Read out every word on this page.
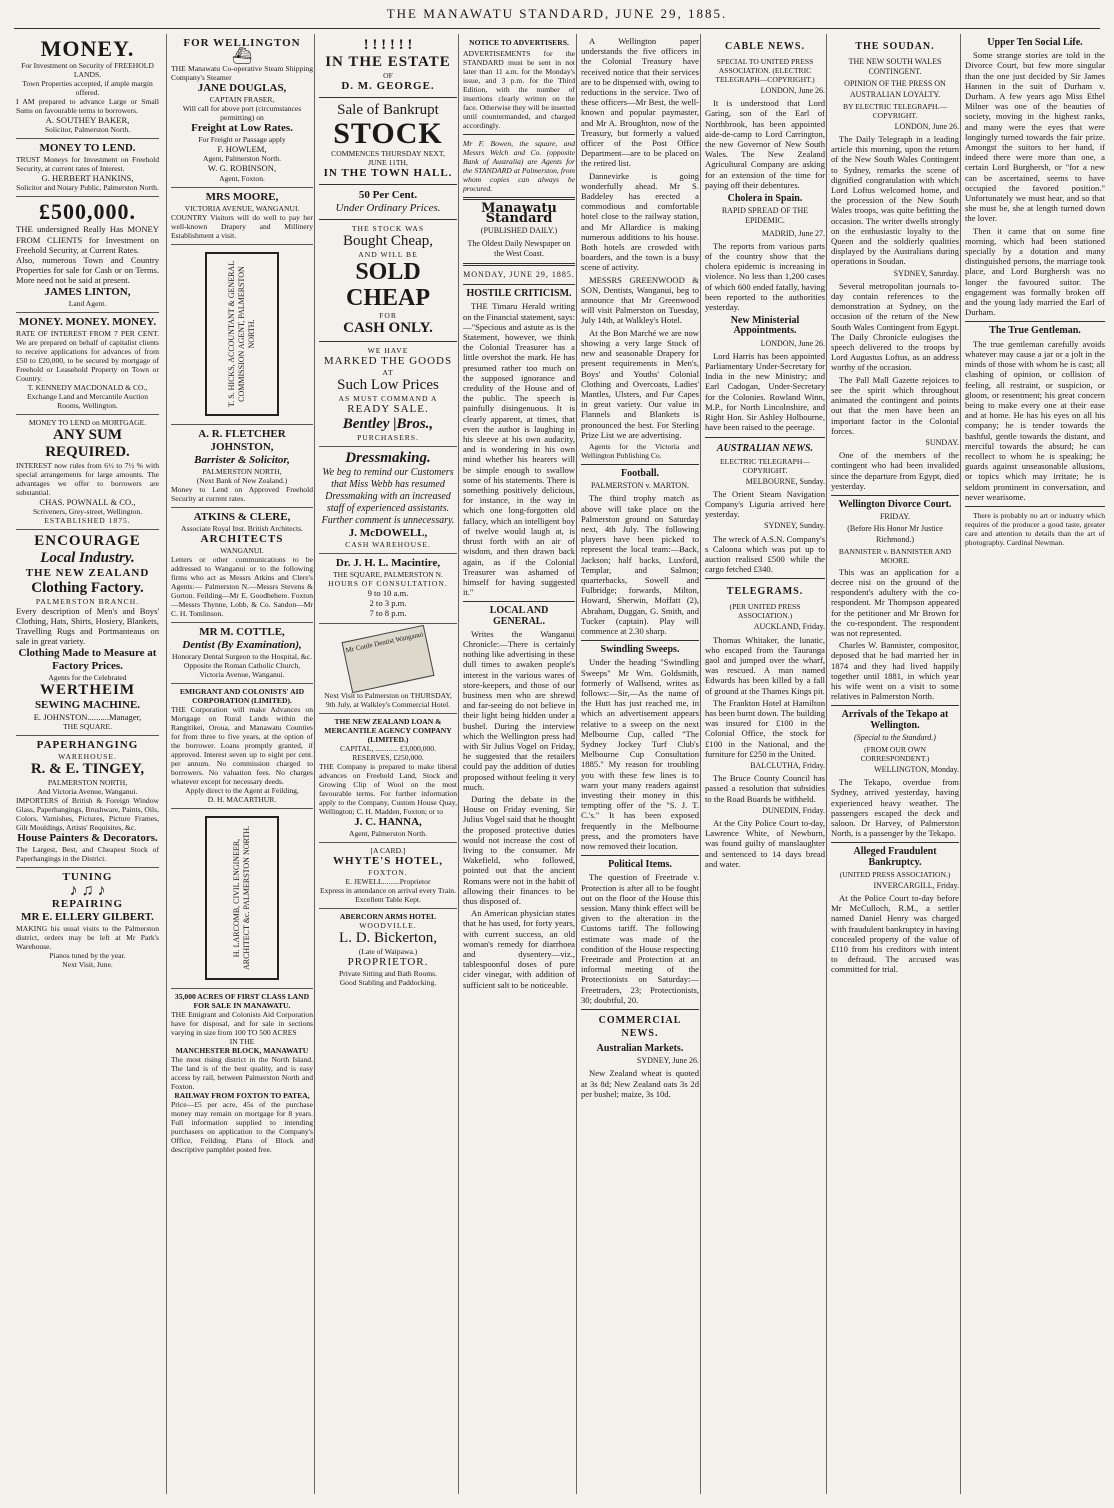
THE MANAWATU STANDARD, JUNE 29, 1885.
MONEY.
For Investment on Security of FREEHOLD LANDS.
Town Properties accepted, if ample margin offered.
I AM prepared to advance Large or Small Sums on favourable terms to borrowers.
A. SOUTHEY BAKER,
Solicitor, Palmerston North.
MONEY TO LEND.
TRUST Moneys for Investment on Freehold Security, at current rates of Interest.
G. HERBERT HANKINS,
Solicitor and Notary Public, Palmerston North.
£500,000.
THE undersigned Really Has MONEY FROM CLIENTS for Investment on Freehold Security, at Current Rates.
Also, numerous Town and Country Properties for sale for Cash or on Terms. More need not be said at present.
JAMES LINTON,
Land Agent.
MONEY. MONEY. MONEY.
RATE OF INTEREST FROM 7 PER CENT. We are prepared on behalf of capitalist clients to receive applications for advances of from £50 to £20,000, to be secured by mortgage of Freehold or Leasehold Property on Town or Country.
T. KENNEDY MACDONALD & CO., Exchange Land and Mercantile Auction Rooms, Wellington.
MONEY TO LEND on MORTGAGE.
ANY SUM REQUIRED.
INTEREST now rules from 6½ to 7½ % with special arrangements for large amounts. The advantages we offer to borrowers are substantial.
CHAS. POWNALL & CO.,
Scriveners, Grey-street, Wellington.
ESTABLISHED 1875.
ENCOURAGE
Local Industry.
THE NEW ZEALAND
Clothing Factory.
PALMERSTON BRANCH.
Every description of Men's and Boys' Clothing, Hats, Shirts, Hosiery, Blankets, Travelling Rugs and Portmanteaus on sale in great variety.
Clothing Made to Measure at Factory Prices.
Agents for the Celebrated
WERTHEIM
SEWING MACHINE.
E. JOHNSTON..........Manager,
THE SQUARE.
PAPERHANGING
WAREHOUSE.
R. & E. TINGEY,
PALMERSTON NORTH,
And Victoria Avenue, Wanganui.
IMPORTERS of British & Foreign Window Glass, Paperhangings, Brushware, Paints, Oils, Colors, Varnishes, Pictures, Picture Frames, Gilt Mouldings, Artists' Requisites, &c.
House Painters & Decorators.
The Largest, Best, and Cheapest Stock of Paperhangings in the District.
TUNING
♪ ♫ ♪
REPAIRING
MR E. ELLERY GILBERT.
MAKING his usual visits to the Palmerston district, orders may be left at Mr Park's Warehouse.
Pianos tuned by the year.
Next Visit, June.
FOR WELLINGTON
⛴
THE Manawatu Co-operative Steam Shipping Company's Steamer
JANE DOUGLAS,
CAPTAIN FRASER,
Will call for above port (circumstances permitting) on
Freight at Low Rates.
For Freight or Passage apply
F. HOWLEM,
Agent, Palmerston North.
W. G. ROBINSON,
Agent, Foxton.
MRS MOORE,
VICTORIA AVENUE, WANGANUI.
COUNTRY Visitors will do well to pay her well-known Drapery and Millinery Establishment a visit.
T. S. HICKS, ACCOUNTANT & GENERAL COMMISSION AGENT, PALMERSTON NORTH.
A. R. FLETCHER JOHNSTON,
Barrister & Solicitor,
PALMERSTON NORTH,
(Next Bank of New Zealand.)
Money to Lend on Approved Freehold Security at current rates.
ATKINS & CLERE,
Associate Royal Inst. British Architects.
ARCHITECTS
WANGANUI.
Letters or other communications to be addressed to Wanganui or to the following firms who act as Messrs Atkins and Clere's Agents:— Palmerston N.—Messrs Stevens & Gorton. Feilding—Mr E. Goodbehere. Foxton—Messrs Thynne, Lobb, & Co. Sandon—Mr C. H. Tomlinson.
MR M. COTTLE,
Dentist (By Examination),
Honorary Dental Surgeon to the Hospital, &c.
Opposite the Roman Catholic Church, Victoria Avenue, Wanganui.
EMIGRANT AND COLONISTS' AID CORPORATION (LIMITED).
THE Corporation will make Advances on Mortgage on Rural Lands within the Rangitikei, Oroua, and Manawatu Counties for from three to five years, at the option of the borrower. Loans promptly granted, if approved. Interest seven up to eight per cent. per annum. No commission charged to borrowers. No valuation fees. No charges whatever except for necessary deeds.
Apply direct to the Agent at Feilding,
D. H. MACARTHUR.
H. LARCOMB, CIVIL ENGINEER, ARCHITECT &c. PALMERSTON NORTH.
35,000 ACRES OF FIRST CLASS LAND FOR SALE IN MANAWATU.
THE Emigrant and Colonists Aid Corporation have for disposal, and for sale in sections varying in size from 100 TO 500 ACRES
IN THE
MANCHESTER BLOCK, MANAWATU
The most rising district in the North Island. The land is of the best quality, and is easy access by rail, between Palmerston North and Foxton.
RAILWAY FROM FOXTON TO PATEA,
Price—£5 per acre, 45s of the purchase money may remain on mortgage for 8 years. Full information supplied to intending purchasers on application to the Company's Office, Feilding. Plans of Block and descriptive pamphlet posted free.
! ! ! ! ! !
IN THE ESTATE
OF
D. M. GEORGE.
Sale of Bankrupt
STOCK
COMMENCES THURSDAY NEXT,
JUNE 11TH,
IN THE TOWN HALL.
50 Per Cent.
Under Ordinary Prices.
THE STOCK WAS
Bought Cheap,
AND WILL BE
SOLD CHEAP
FOR
CASH ONLY.
WE HAVE
MARKED THE GOODS
AT
Such Low Prices
AS MUST COMMAND A
READY SALE.
Bentley |Bros.,
PURCHASERS.
Dressmaking.
We beg to remind our Customers that Miss Webb has resumed Dressmaking with an increased staff of experienced assistants. Further comment is unnecessary.
J. McDOWELL,
CASH WAREHOUSE.
Dr. J. H. L. Macintire,
THE SQUARE, PALMERSTON N.
HOURS OF CONSULTATION.
9 to 10 a.m.
2 to 3 p.m.
7 to 8 p.m.
Mr Cottle Dentist Wanganui
Next Visit to Palmerston on THURSDAY, 9th July, at Walkley's Commercial Hotel.
THE NEW ZEALAND LOAN & MERCANTILE AGENCY COMPANY (LIMITED.)
CAPITAL, ............ £3,000,000.
RESERVES, £250,000.
THE Company is prepared to make liberal advances on Freehold Land, Stock and Growing Clip of Wool on the most favourable terms. For further information apply to the Company, Custom House Quay, Wellington; C. H. Madden, Foxton; or to
J. C. HANNA,
Agent, Palmerston North.
[A CARD.]
WHYTE'S HOTEL,
FOXTON.
E. JEWELL.........Proprietor
Express in attendance on arrival every Train.
Excellent Table Kept.
ABERCORN ARMS HOTEL
WOODVILLE.
L. D. Bickerton,
(Late of Waipawa.)
PROPRIETOR.
Private Sitting and Bath Rooms.
Good Stabling and Paddocking.
NOTICE TO ADVERTISERS.
ADVERTISEMENTS for the STANDARD must be sent in not later than 11 a.m. for the Monday's issue, and 3 p.m. for the Third Edition, with the number of insertions clearly written on the face. Otherwise they will be inserted until countermanded, and charged accordingly.
Mr F. Bowen, the square, and Messrs Welch and Co. (opposite Bank of Australia) are Agents for the STANDARD at Palmerston, from whom copies can always be procured.
Manawatu Standard
(PUBLISHED DAILY.)
The Oldest Daily Newspaper on the West Coast.
MONDAY, JUNE 29, 1885.
HOSTILE CRITICISM.
THE Timaru Herald writing on the Financial statement, says:—"Specious and astute as is the Statement, however, we think the Colonial Treasurer has a little overshot the mark. He has presumed rather too much on the supposed ignorance and credulity of the House and of the public. The speech is painfully disingenuous. It is clearly apparent, at times, that even the author is laughing in his sleeve at his own audacity, and is wondering in his own mind whether his hearers will be simple enough to swallow some of his statements. There is something positively delicious, for instance, in the way in which one long-forgotten old fallacy, which an intelligent boy of twelve would laugh at, is thrust forth with an air of wisdom, and then drawn back again, as if the Colonial Treasurer was ashamed of himself for having suggested it."
LOCAL AND GENERAL.
Writes the Wanganui Chronicle:—There is certainly nothing like advertising in these dull times to awaken people's interest in the various wares of store-keepers, and those of our business men who are shrewd and far-seeing do not believe in their light being hidden under a bushel. During the interview which the Wellington press had with Sir Julius Vogel on Friday, he suggested that the retailers could pay the addition of duties proposed without feeling it very much.
During the debate in the House on Friday evening, Sir Julius Vogel said that he thought the proposed protective duties would not increase the cost of living to the consumer. Mr Wakefield, who followed, pointed out that the ancient Romans were not in the habit of allowing their finances to be thus disposed of.
An American physician states that he has used, for forty years, with current success, an old woman's remedy for diarrhoea and dysentery—viz., tablespoonful doses of pure cider vinegar, with addition of sufficient salt to be noticeable.
A Wellington paper understands the five officers in the Colonial Treasury have received notice that their services are to be dispensed with, owing to reductions in the service. Two of these officers—Mr Best, the well-known and popular paymaster, and Mr A. Broughton, now of the Treasury, but formerly a valued officer of the Post Office Department—are to be placed on the retired list.
Dannevirke is going wonderfully ahead. Mr S. Baddeley has erected a commodious and comfortable hotel close to the railway station, and Mr Allardice is making numerous additions to his house. Both hotels are crowded with boarders, and the town is a busy scene of activity.
MESSRS GREENWOOD & SON, Dentists, Wanganui, beg to announce that Mr Greenwood will visit Palmerston on Tuesday, July 14th, at Walkley's Hotel.
At the Bon Marché we are now showing a very large Stock of new and seasonable Drapery for present requirements in Men's, Boys' and Youths' Colonial Clothing and Overcoats, Ladies' Mantles, Ulsters, and Fur Capes in great variety. Our value in Flannels and Blankets is pronounced the best. For Sterling Prize List we are advertising.
Agents for the Victoria and Wellington Publishing Co.
Football.
PALMERSTON v. MARTON.
The third trophy match as above will take place on the Palmerston ground on Saturday next, 4th July. The following players have been picked to represent the local team:—Back, Jackson; half backs, Luxford, Templar, and Salmon; quarterbacks, Sowell and Fulbridge; forwards, Milton, Howard, Sherwin, Moffatt (2), Abraham, Duggan, G. Smith, and Tucker (captain). Play will commence at 2.30 sharp.
Swindling Sweeps.
Under the heading "Swindling Sweeps" Mr Wm. Goldsmith, formerly of Wallsend, writes as follows:—Sir,—As the name of the Hutt has just reached me, in which an advertisement appears relative to a sweep on the next Melbourne Cup, called "The Sydney Jockey Turf Club's Melbourne Cup Consultation 1885." My reason for troubling you with these few lines is to warn your many readers against investing their money in this tempting offer of the "S. J. T. C.'s." It has been exposed frequently in the Melbourne press, and the promoters have now removed their location.
Political Items.
The question of Freetrade v. Protection is after all to be fought out on the floor of the House this session. Many think effect will be given to the alteration in the Customs tariff. The following estimate was made of the condition of the House respecting Freetrade and Protection at an informal meeting of the Protectionists on Saturday:—Freetraders, 23; Protectionists, 30; doubtful, 20.
COMMERCIAL NEWS.
Australian Markets.
SYDNEY, June 26.
New Zealand wheat is quoted at 3s 8d; New Zealand oats 3s 2d per bushel; maize, 3s 10d.
CABLE NEWS.
SPECIAL TO UNITED PRESS ASSOCIATION. (ELECTRIC TELEGRAPH—COPYRIGHT.)
LONDON, June 26.
It is understood that Lord Garing, son of the Earl of Northbrook, has been appointed aide-de-camp to Lord Carrington, the new Governor of New South Wales. The New Zealand Agricultural Company are asking for an extension of the time for paying off their debentures.
Cholera in Spain.
RAPID SPREAD OF THE EPIDEMIC.
MADRID, June 27.
The reports from various parts of the country show that the cholera epidemic is increasing in violence. No less than 1,200 cases of which 600 ended fatally, having been reported to the authorities yesterday.
New Ministerial Appointments.
LONDON, June 26.
Lord Harris has been appointed Parliamentary Under-Secretary for India in the new Ministry; and Earl Cadogan, Under-Secretary for the Colonies. Rowland Winn, M.P., for North Lincolnshire, and Right Hon. Sir Ashley Holbourne, have been raised to the peerage.
AUSTRALIAN NEWS.
ELECTRIC TELEGRAPH—COPYRIGHT.
MELBOURNE, Sunday.
The Orient Steam Navigation Company's Liguria arrived here yesterday.
SYDNEY, Sunday.
The wreck of A.S.N. Company's s Caloona which was put up to auction realised £500 while the cargo fetched £340.
TELEGRAMS.
(PER UNITED PRESS ASSOCIATION.)
AUCKLAND, Friday.
Thomas Whitaker, the lunatic, who escaped from the Tauranga gaol and jumped over the wharf, was rescued. A man named Edwards has been killed by a fall of ground at the Thames Kings pit.
The Frankton Hotel at Hamilton has been burnt down. The building was insured for £100 in the Colonial Office, the stock for £100 in the National, and the furniture for £250 in the United.
BALCLUTHA, Friday.
The Bruce County Council has passed a resolution that subsidies to the Road Boards be withheld.
DUNEDIN, Friday.
At the City Police Court to-day, Lawrence White, of Newburn, was found guilty of manslaughter and sentenced to 14 days bread and water.
THE SOUDAN.
THE NEW SOUTH WALES CONTINGENT.
OPINION OF THE PRESS ON AUSTRALIAN LOYALTY.
BY ELECTRIC TELEGRAPH.—COPYRIGHT.
LONDON, June 26.
The Daily Telegraph in a leading article this morning, upon the return of the New South Wales Contingent to Sydney, remarks the scene of dignified congratulation with which Lord Loftus welcomed home, and the procession of the New South Wales troops, was quite befitting the occasion. The writer dwells strongly on the enthusiastic loyalty to the Queen and the soldierly qualities displayed by the Australians during operations in Soudan.
SYDNEY, Saturday.
Several metropolitan journals to-day contain references to the demonstration at Sydney, on the occasion of the return of the New South Wales Contingent from Egypt. The Daily Chronicle eulogises the speech delivered to the troops by Lord Augustus Loftus, as an address worthy of the occasion.
The Pall Mall Gazette rejoices to see the spirit which throughout animated the contingent and points out that the men have been an important factor in the Colonial forces.
SUNDAY.
One of the members of the contingent who had been invalided since the departure from Egypt, died yesterday.
Wellington Divorce Court.
FRIDAY.
(Before His Honor Mr Justice Richmond.)
BANNISTER v. BANNISTER AND MOORE.
This was an application for a decree nisi on the ground of the respondent's adultery with the co-respondent. Mr Thompson appeared for the petitioner and Mr Brown for the co-respondent. The respondent was not represented.
Charles W. Bannister, compositor, deposed that he had married her in 1874 and they had lived happily together until 1881, in which year his wife went on a visit to some relatives in Palmerston North.
Arrivals of the Tekapo at Wellington.
(Special to the Standard.)
(FROM OUR OWN CORRESPONDENT.)
WELLINGTON, Monday.
The Tekapo, overdue from Sydney, arrived yesterday, having experienced heavy weather. The passengers escaped the deck and saloon. Dr Harvey, of Palmerston North, is a passenger by the Tekapo.
Alleged Fraudulent Bankruptcy.
(UNITED PRESS ASSOCIATION.)
INVERCARGILL, Friday.
At the Police Court to-day before Mr McCulloch, R.M., a settler named Daniel Henry was charged with fraudulent bankruptcy in having concealed property of the value of £110 from his creditors with intent to defraud. The accused was committed for trial.
Upper Ten Social Life.
Some strange stories are told in the Divorce Court, but few more singular than the one just decided by Sir James Hannen in the suit of Durham v. Durham. A few years ago Miss Ethel Milner was one of the beauties of society, moving in the highest ranks, and many were the eyes that were longingly turned towards the fair prize. Amongst the suitors to her hand, if indeed there were more than one, a certain Lord Burghersh, or "for a new can be ascertained, seems to have occupied the favored position." Unfortunately we must hear, and so that she must be, she at length turned down the lover.
Then it came that on some fine morning, which had been stationed specially by a dotation and many distinguished persons, the marriage took place, and Lord Burghersh was no longer the favoured suitor. The engagement was formally broken off and the young lady married the Earl of Durham.
The True Gentleman.
The true gentleman carefully avoids whatever may cause a jar or a jolt in the minds of those with whom he is cast; all clashing of opinion, or collision of feeling, all restraint, or suspicion, or gloom, or resentment; his great concern being to make every one at their ease and at home. He has his eyes on all his company; he is tender towards the bashful, gentle towards the distant, and merciful towards the absurd; he can recollect to whom he is speaking; he guards against unseasonable allusions, or topics which may irritate; he is seldom prominent in conversation, and never wearisome.
There is probably no art or industry which requires of the producer a good taste, greater care and attention to details than the art of photography. Cardinal Newman.
